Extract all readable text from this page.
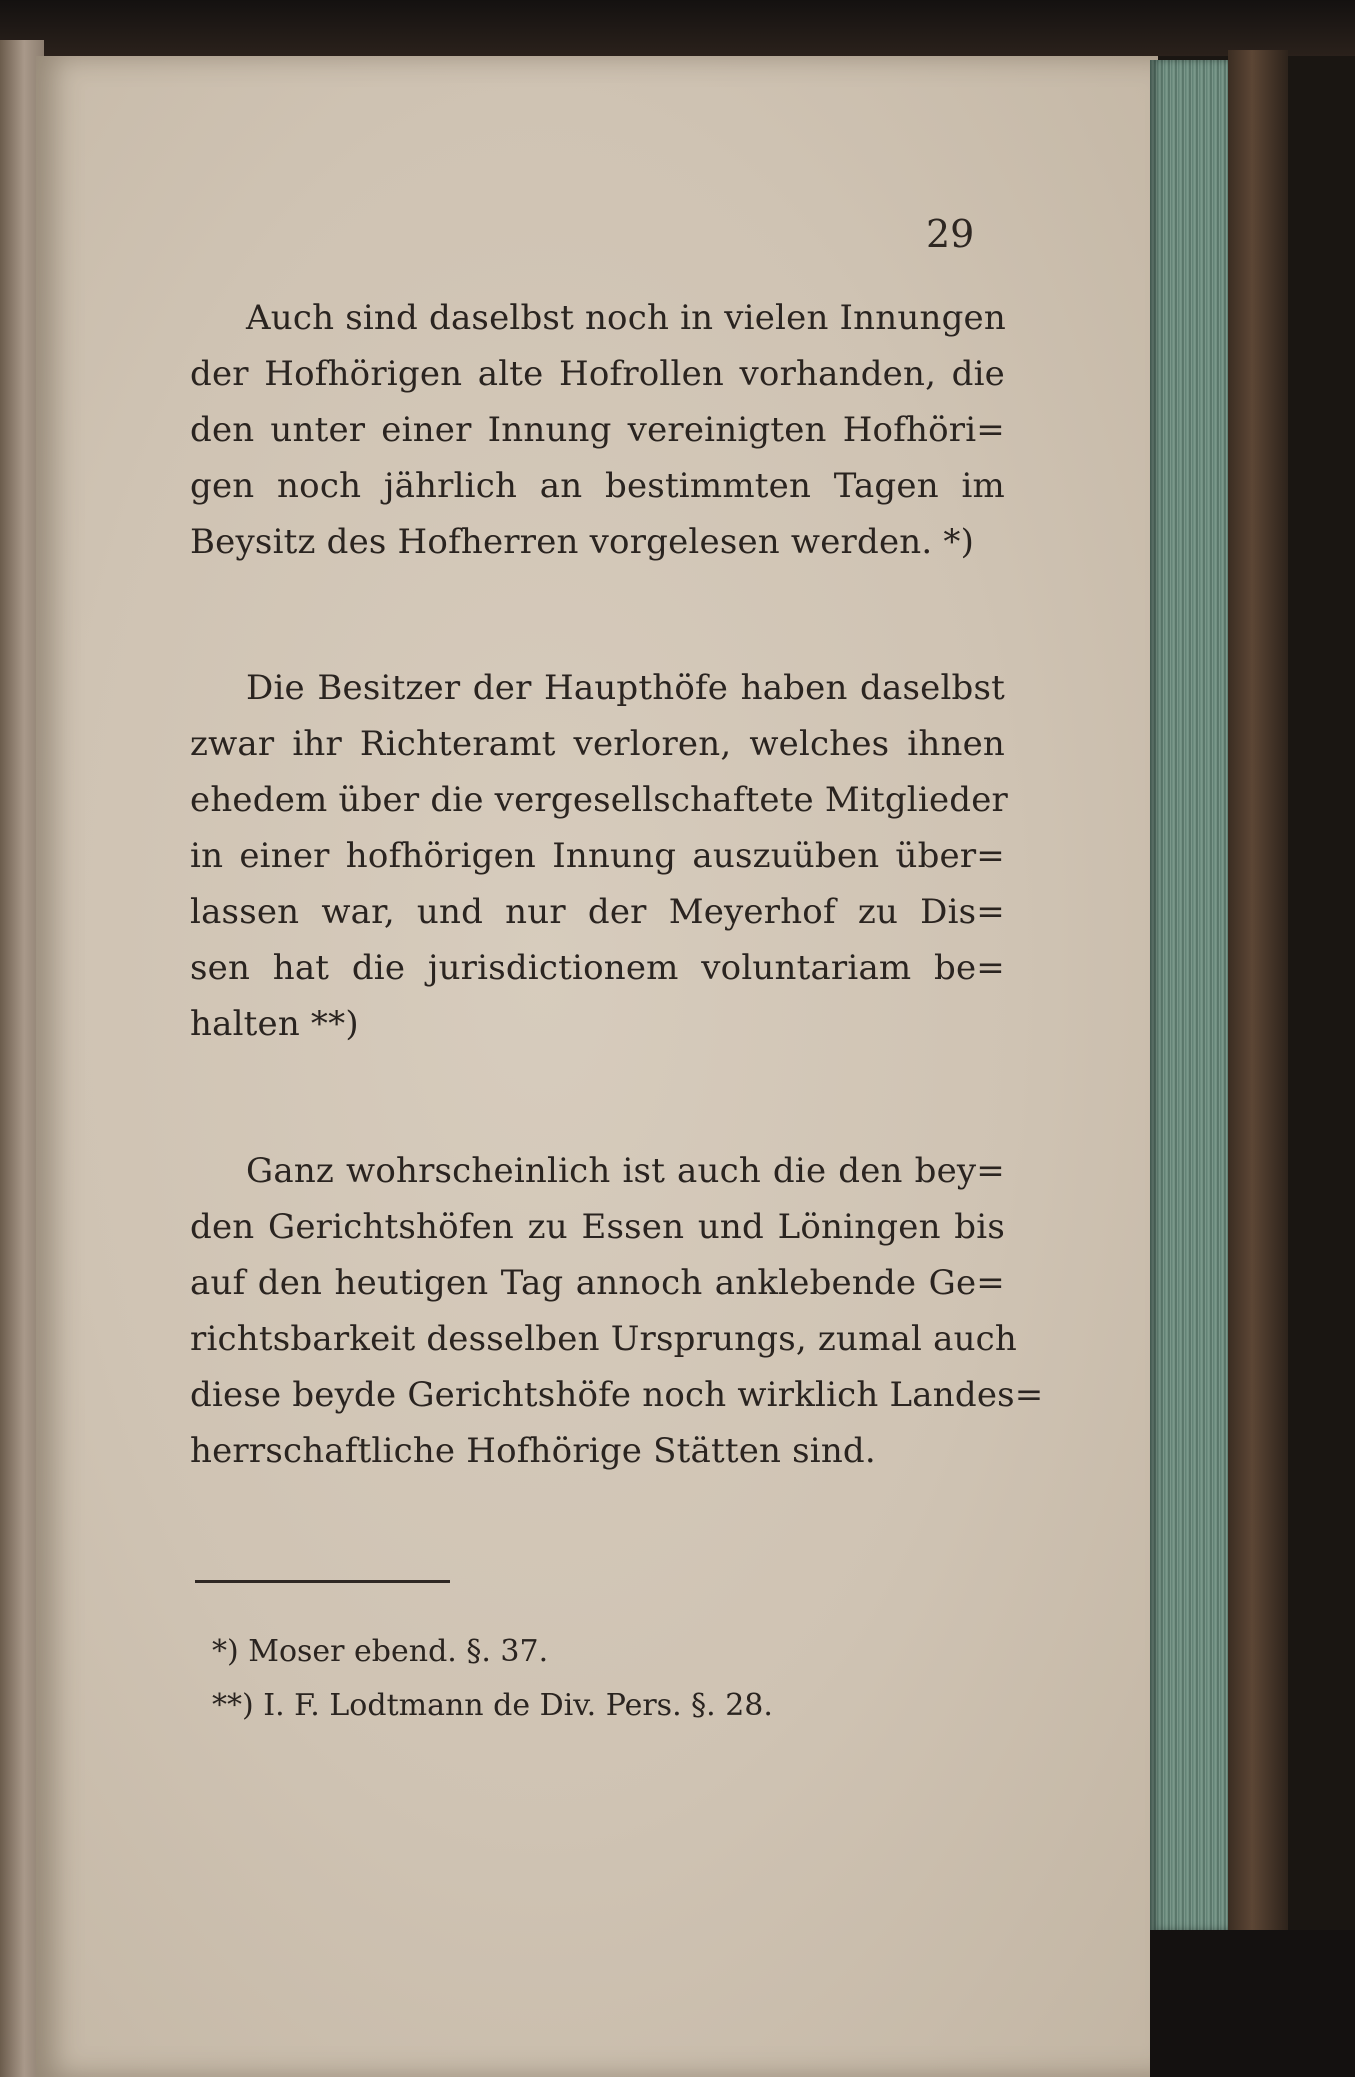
29
Auch sind daselbst noch in vielen Innungen
der Hofhörigen alte Hofrollen vorhanden, die
den unter einer Innung vereinigten Hofhöri=
gen noch jährlich an bestimmten Tagen im
Beysitz des Hofherren vorgelesen werden. *)
Die Besitzer der Haupthöfe haben daselbst
zwar ihr Richteramt verloren, welches ihnen
ehedem über die vergesellschaftete Mitglieder
in einer hofhörigen Innung auszuüben über=
lassen war, und nur der Meyerhof zu Dis=
sen hat die jurisdictionem voluntariam be=
halten **)
Ganz wohrscheinlich ist auch die den bey=
den Gerichtshöfen zu Essen und Löningen bis
auf den heutigen Tag annoch anklebende Ge=
richtsbarkeit desselben Ursprungs, zumal auch
diese beyde Gerichtshöfe noch wirklich Landes=
herrschaftliche Hofhörige Stätten sind.
*) Moser ebend. §. 37.
**) I. F. Lodtmann de Div. Pers. §. 28.
